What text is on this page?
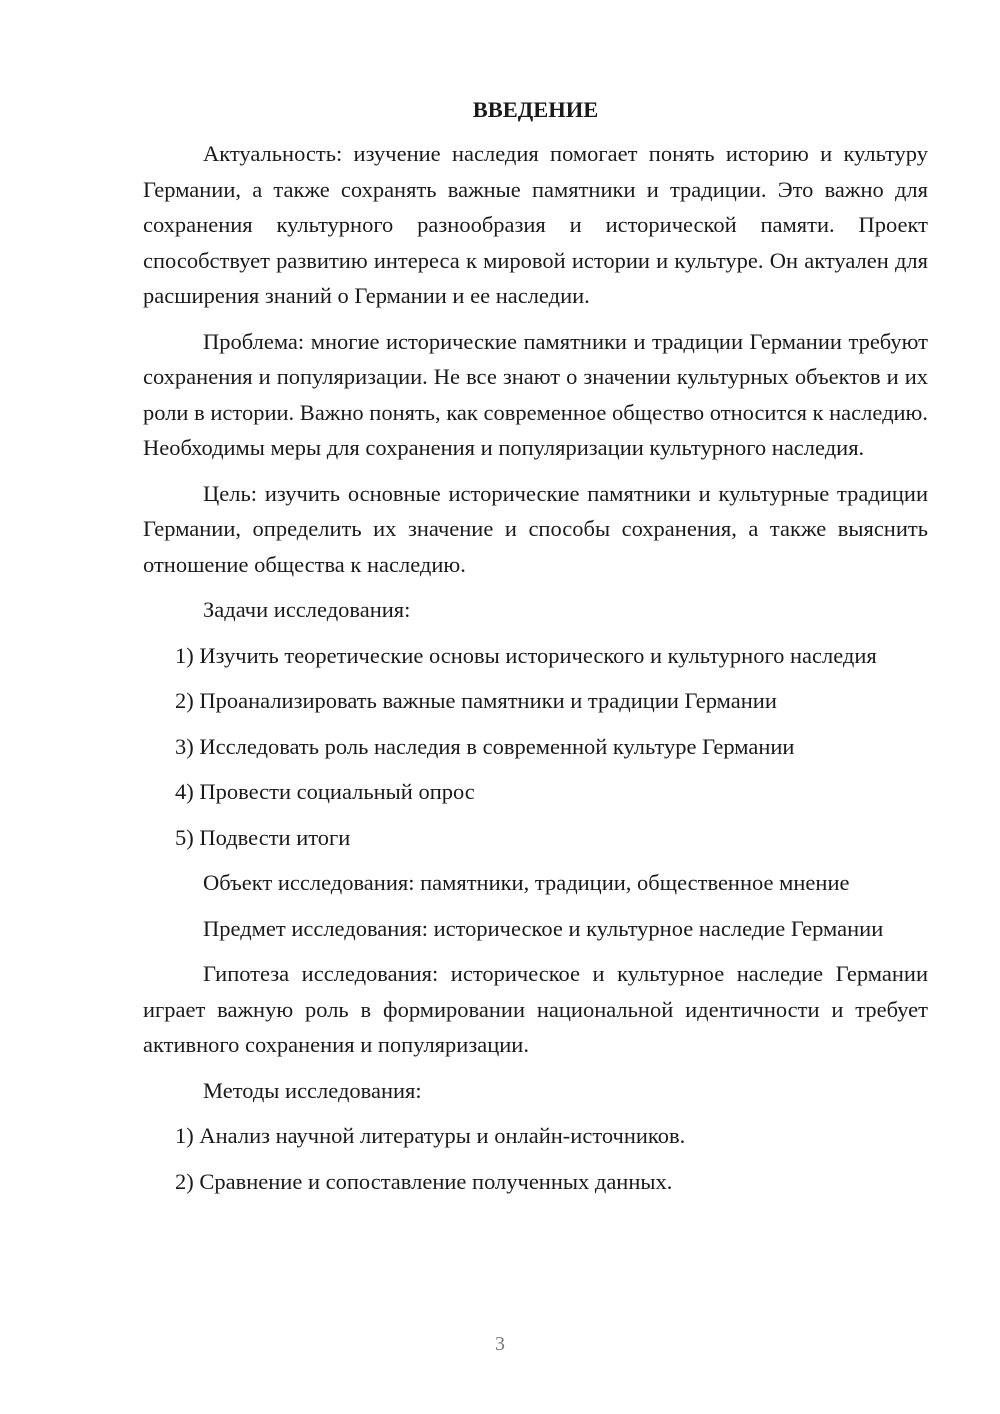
ВВЕДЕНИЕ

Актуальность: изучение наследия помогает понять историю и культуру Германии, а также сохранять важные памятники и традиции. Это важно для сохранения культурного разнообразия и исторической памяти. Проект способствует развитию интереса к мировой истории и культуре. Он актуален для расширения знаний о Германии и ее наследии.

Проблема: многие исторические памятники и традиции Германии требуют сохранения и популяризации. Не все знают о значении культурных объектов и их роли в истории. Важно понять, как современное общество относится к наследию. Необходимы меры для сохранения и популяризации культурного наследия.

Цель: изучить основные исторические памятники и культурные традиции Германии, определить их значение и способы сохранения, а также выяснить отношение общества к наследию.

Задачи исследования:

1) Изучить теоретические основы исторического и культурного наследия

2) Проанализировать важные памятники и традиции Германии

3) Исследовать роль наследия в современной культуре Германии

4) Провести социальный опрос

5) Подвести итоги

Объект исследования: памятники, традиции, общественное мнение

Предмет исследования: историческое и культурное наследие Германии

Гипотеза исследования: историческое и культурное наследие Германии играет важную роль в формировании национальной идентичности и требует активного сохранения и популяризации.

Методы исследования:

1) Анализ научной литературы и онлайн-источников.

2) Сравнение и сопоставление полученных данных.

3
